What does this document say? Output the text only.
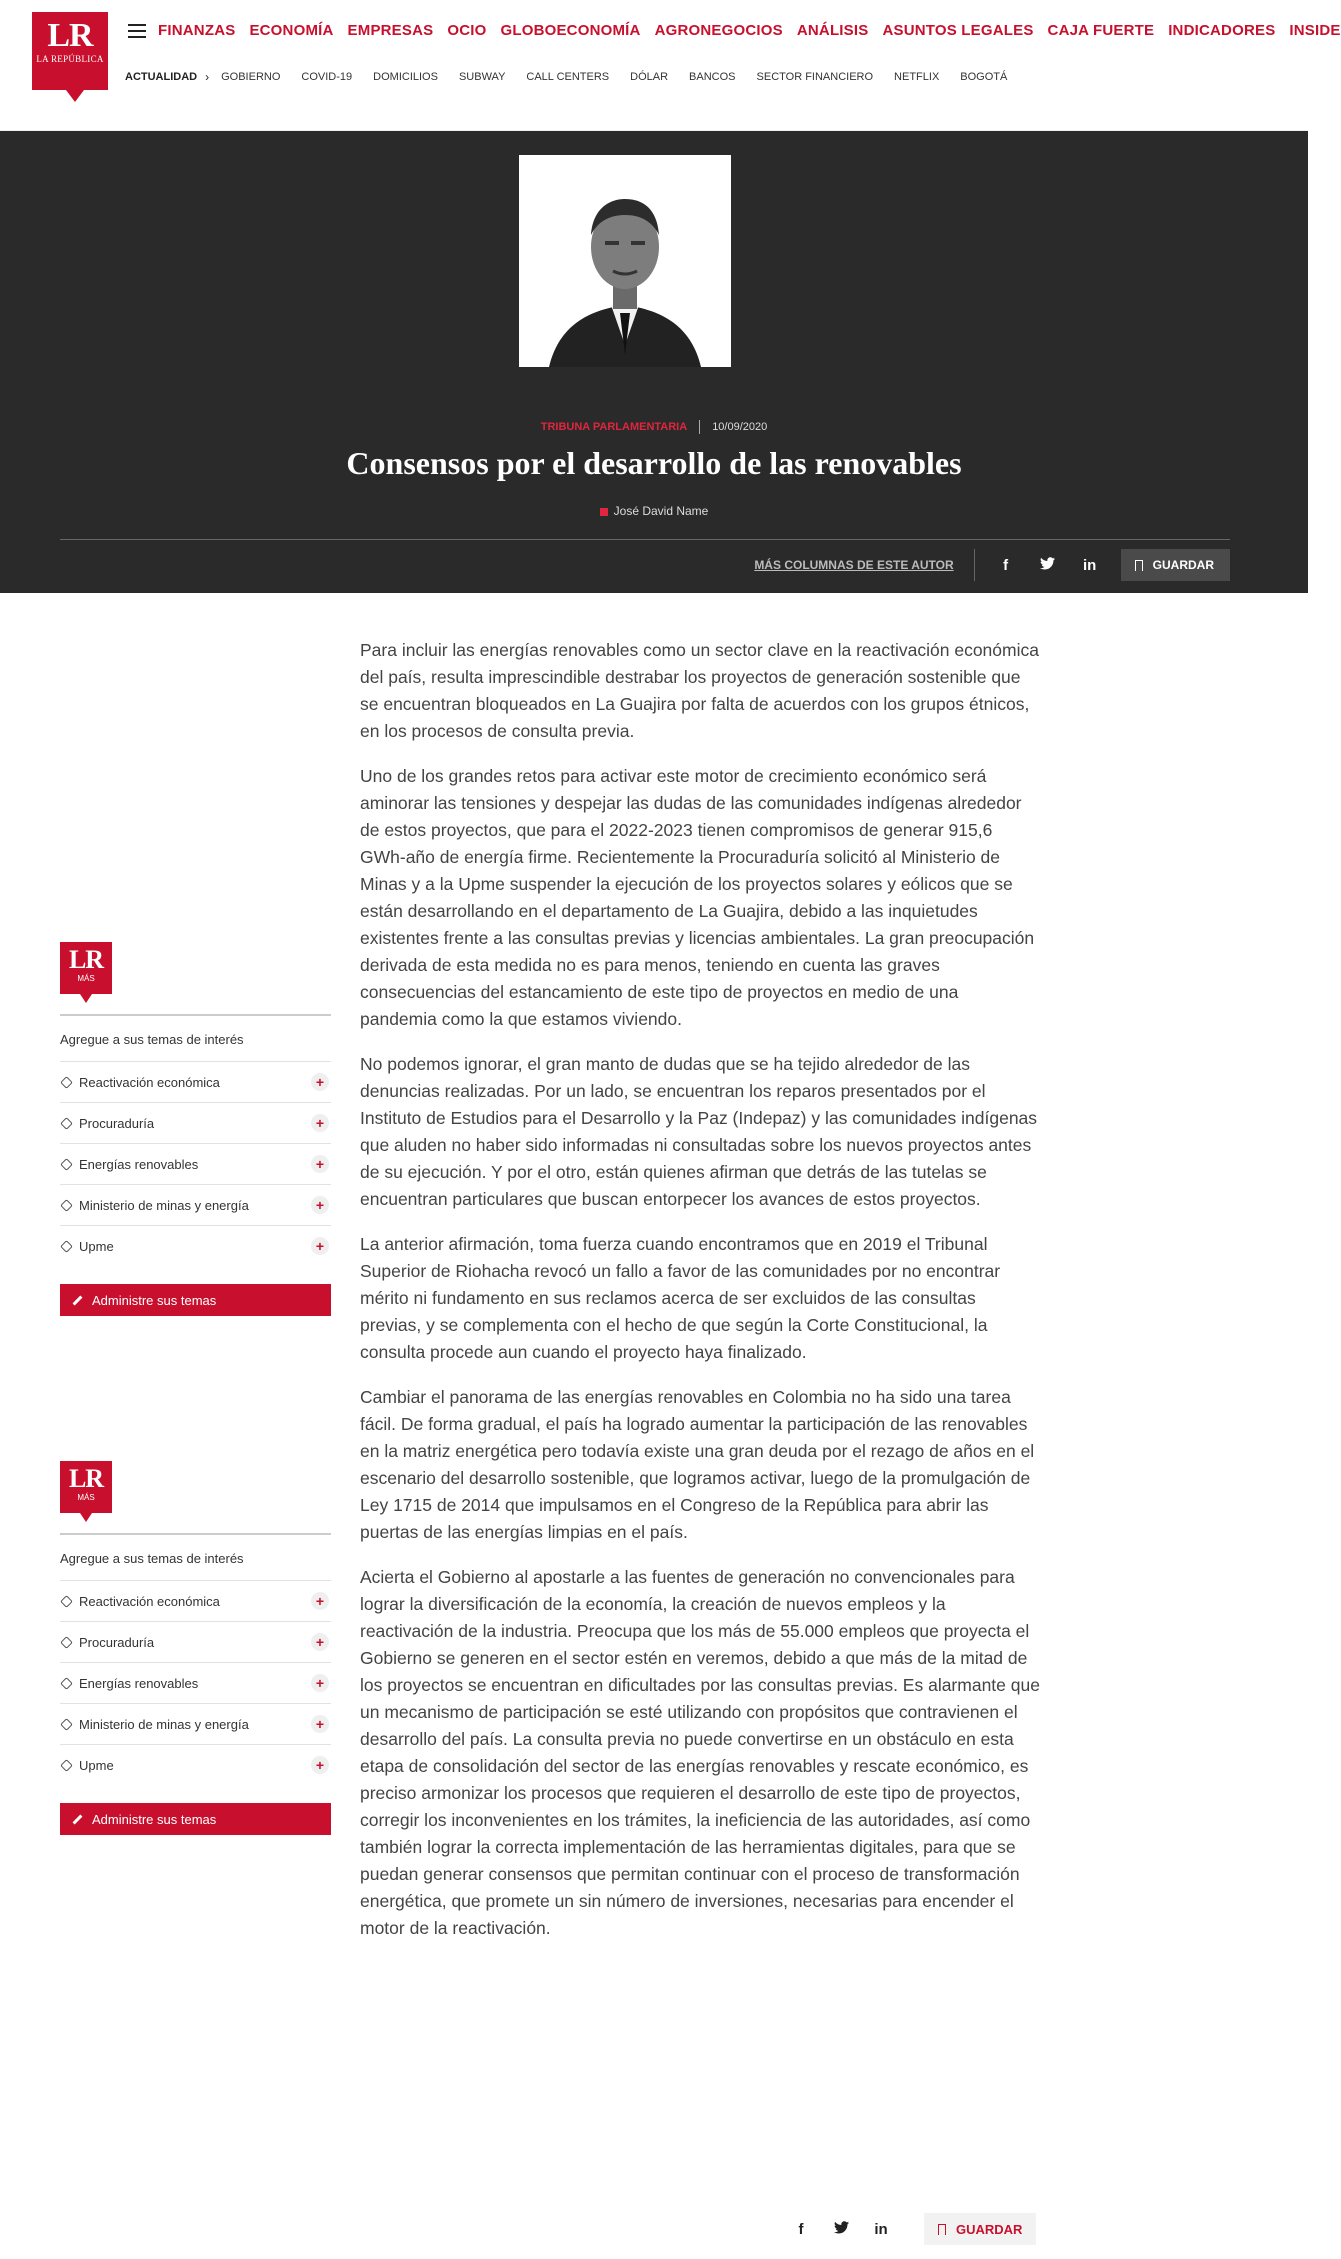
LR
LA REPÚBLICA
FINANZAS ECONOMÍA EMPRESAS OCIO GLOBOECONOMÍA AGRONEGOCIOS ANÁLISIS ASUNTOS LEGALES CAJA FUERTE INDICADORES INSIDE
ACTUALIDAD › GOBIERNO COVID-19 DOMICILIOS SUBWAY CALL CENTERS DÓLAR BANCOS SECTOR FINANCIERO NETFLIX BOGOTÁ
TRIBUNA PARLAMENTARIA 10/09/2020
Consensos por el desarrollo de las renovables
José David Name
MÁS COLUMNAS DE ESTE AUTOR	f	in	GUARDAR
LR
MÁS
Agregue a sus temas de interés
Reactivación económica	+
Procuraduría	+
Energías renovables	+
Ministerio de minas y energía	+
Upme	+
Administre sus temas
LR
MÁS
Agregue a sus temas de interés
Reactivación económica	+
Procuraduría	+
Energías renovables	+
Ministerio de minas y energía	+
Upme	+
Administre sus temas

Para incluir las energías renovables como un sector clave en la reactivación económica del país, resulta imprescindible destrabar los proyectos de generación sostenible que se encuentran bloqueados en La Guajira por falta de acuerdos con los grupos étnicos, en los procesos de consulta previa.

Uno de los grandes retos para activar este motor de crecimiento económico será aminorar las tensiones y despejar las dudas de las comunidades indígenas alrededor de estos proyectos, que para el 2022-2023 tienen compromisos de generar 915,6 GWh-año de energía firme. Recientemente la Procuraduría solicitó al Ministerio de Minas y a la Upme suspender la ejecución de los proyectos solares y eólicos que se están desarrollando en el departamento de La Guajira, debido a las inquietudes existentes frente a las consultas previas y licencias ambientales. La gran preocupación derivada de esta medida no es para menos, teniendo en cuenta las graves consecuencias del estancamiento de este tipo de proyectos en medio de una pandemia como la que estamos viviendo.

No podemos ignorar, el gran manto de dudas que se ha tejido alrededor de las denuncias realizadas. Por un lado, se encuentran los reparos presentados por el Instituto de Estudios para el Desarrollo y la Paz (Indepaz) y las comunidades indígenas que aluden no haber sido informadas ni consultadas sobre los nuevos proyectos antes de su ejecución. Y por el otro, están quienes afirman que detrás de las tutelas se encuentran particulares que buscan entorpecer los avances de estos proyectos.

La anterior afirmación, toma fuerza cuando encontramos que en 2019 el Tribunal Superior de Riohacha revocó un fallo a favor de las comunidades por no encontrar mérito ni fundamento en sus reclamos acerca de ser excluidos de las consultas previas, y se complementa con el hecho de que según la Corte Constitucional, la consulta procede aun cuando el proyecto haya finalizado.

Cambiar el panorama de las energías renovables en Colombia no ha sido una tarea fácil. De forma gradual, el país ha logrado aumentar la participación de las renovables en la matriz energética pero todavía existe una gran deuda por el rezago de años en el escenario del desarrollo sostenible, que logramos activar, luego de la promulgación de Ley 1715 de 2014 que impulsamos en el Congreso de la República para abrir las puertas de las energías limpias en el país.

Acierta el Gobierno al apostarle a las fuentes de generación no convencionales para lograr la diversificación de la economía, la creación de nuevos empleos y la reactivación de la industria. Preocupa que los más de 55.000 empleos que proyecta el Gobierno se generen en el sector estén en veremos, debido a que más de la mitad de los proyectos se encuentran en dificultades por las consultas previas. Es alarmante que un mecanismo de participación se esté utilizando con propósitos que contravienen el desarrollo del país. La consulta previa no puede convertirse en un obstáculo en esta etapa de consolidación del sector de las energías renovables y rescate económico, es preciso armonizar los procesos que requieren el desarrollo de este tipo de proyectos, corregir los inconvenientes en los trámites, la ineficiencia de las autoridades, así como también lograr la correcta implementación de las herramientas digitales, para que se puedan generar consensos que permitan continuar con el proceso de transformación energética, que promete un sin número de inversiones, necesarias para encender el motor de la reactivación.

f	in	GUARDAR
